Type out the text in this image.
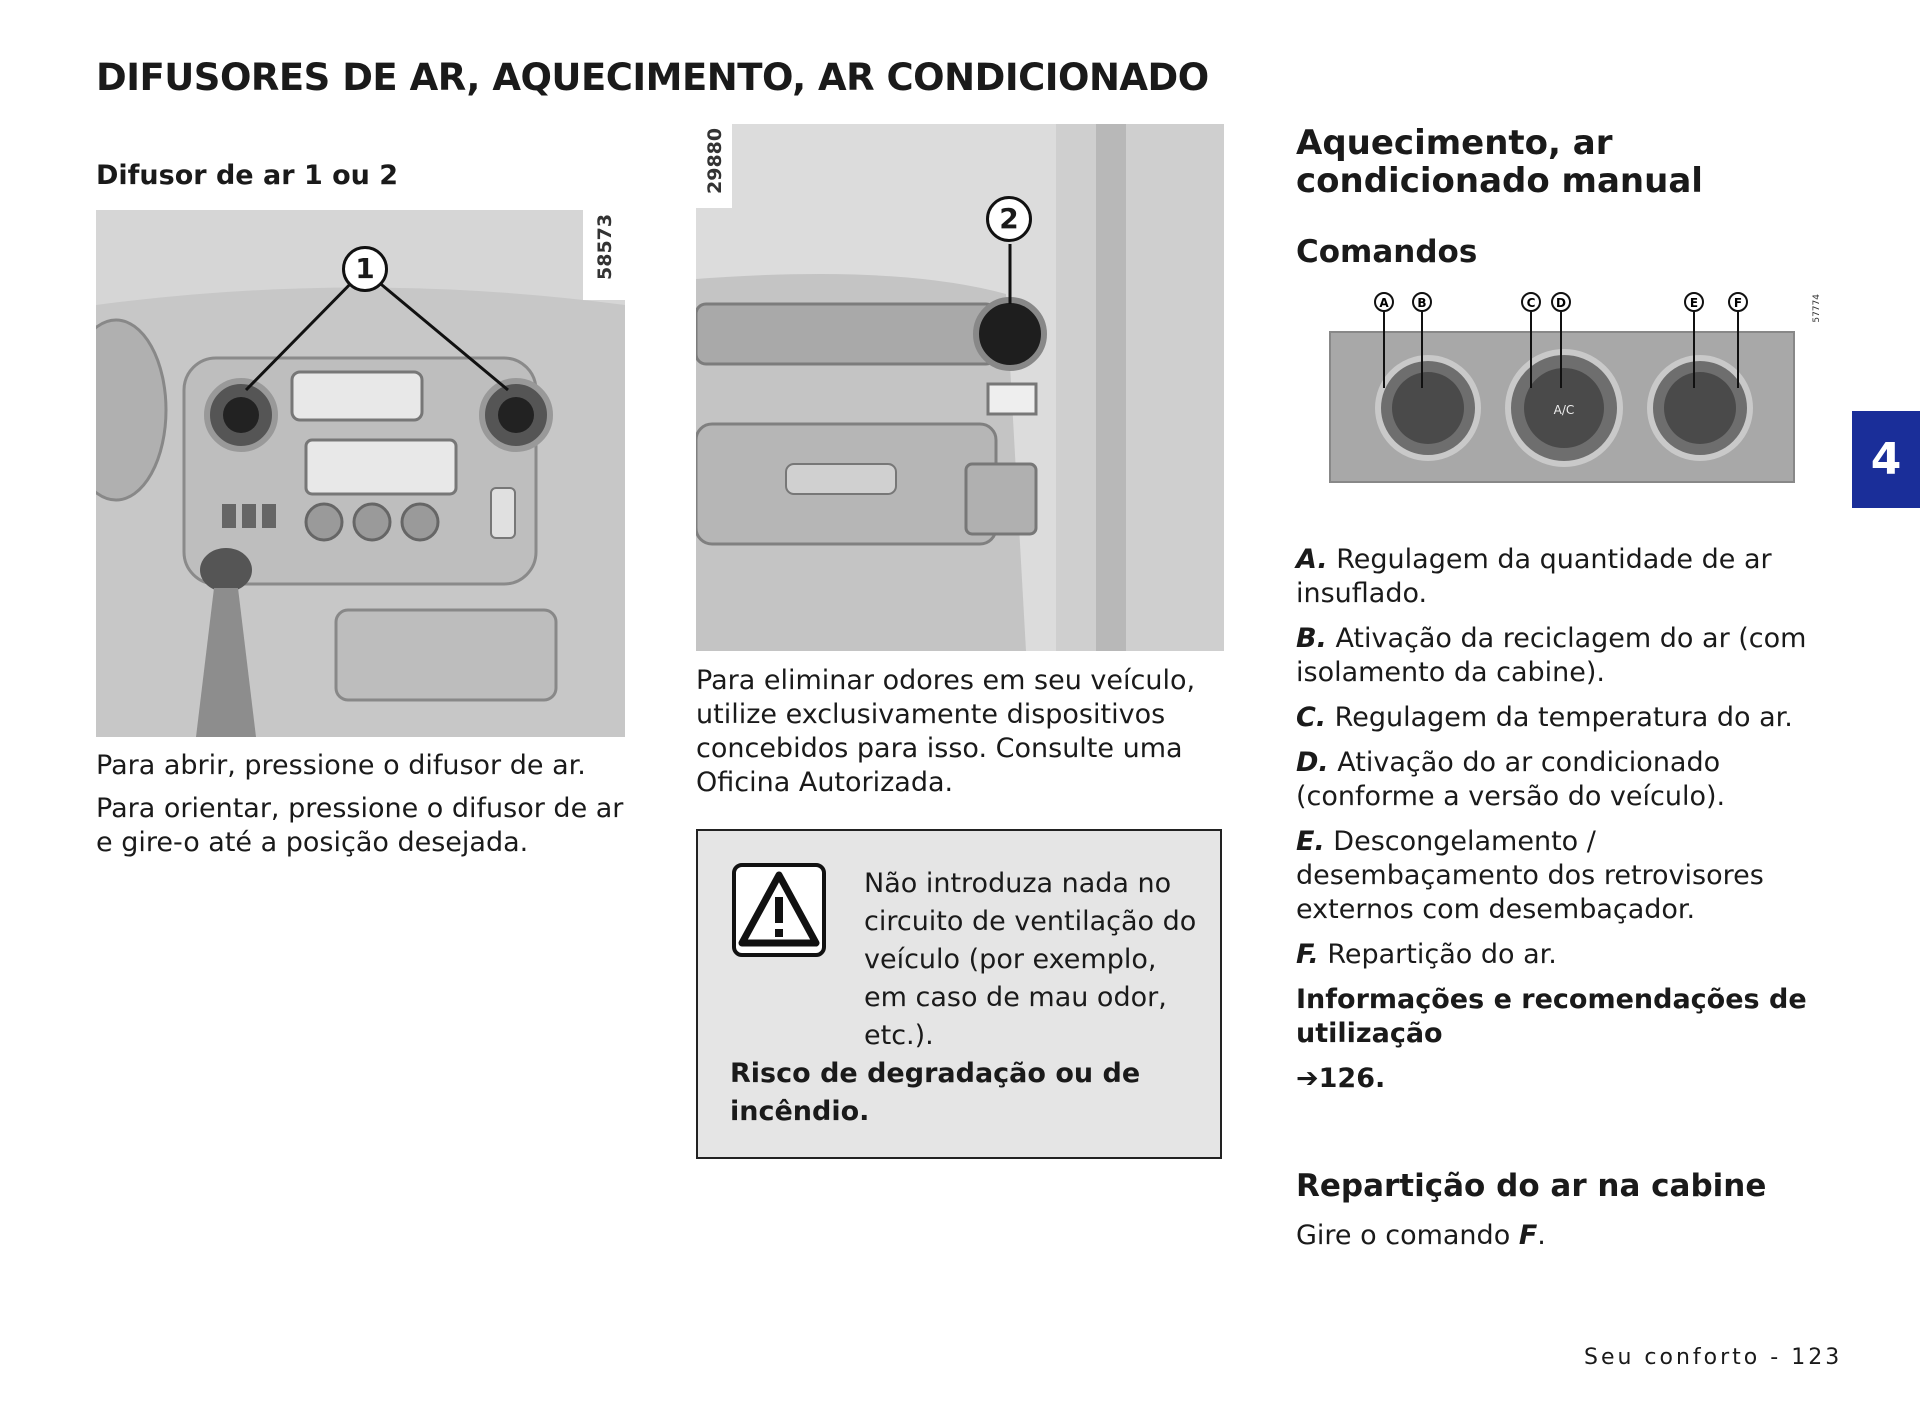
DIFUSORES DE AR, AQUECIMENTO, AR CONDICIONADO
Difusor de ar 1 ou 2
1	58573
Para abrir, pressione o difusor de ar.
Para orientar, pressione o difusor de ar e gire-o até a posição desejada.
2
29880
Para eliminar odores em seu veículo, utilize exclusivamente dispositivos concebidos para isso. Consulte uma Oficina Autorizada.
Não introduza nada no circuito de ventilação do veículo (por exemplo, em caso de mau odor, etc.).
Risco de degradação ou de incêndio.
Aquecimento, ar condicionado manual
Comandos
A B	C D	E	F
A/C
57774
A. Regulagem da quantidade de ar insuflado.
B. Ativação da reciclagem do ar (com isolamento da cabine).
C. Regulagem da temperatura do ar.
D. Ativação do ar condicionado (conforme a versão do veículo).
E. Descongelamento / desembaçamento dos retrovisores externos com desembaçador.
F. Repartição do ar.
Informações e recomendações de utilização
➔126.
Repartição do ar na cabine
Gire o comando F.
4
Seu conforto - 123
